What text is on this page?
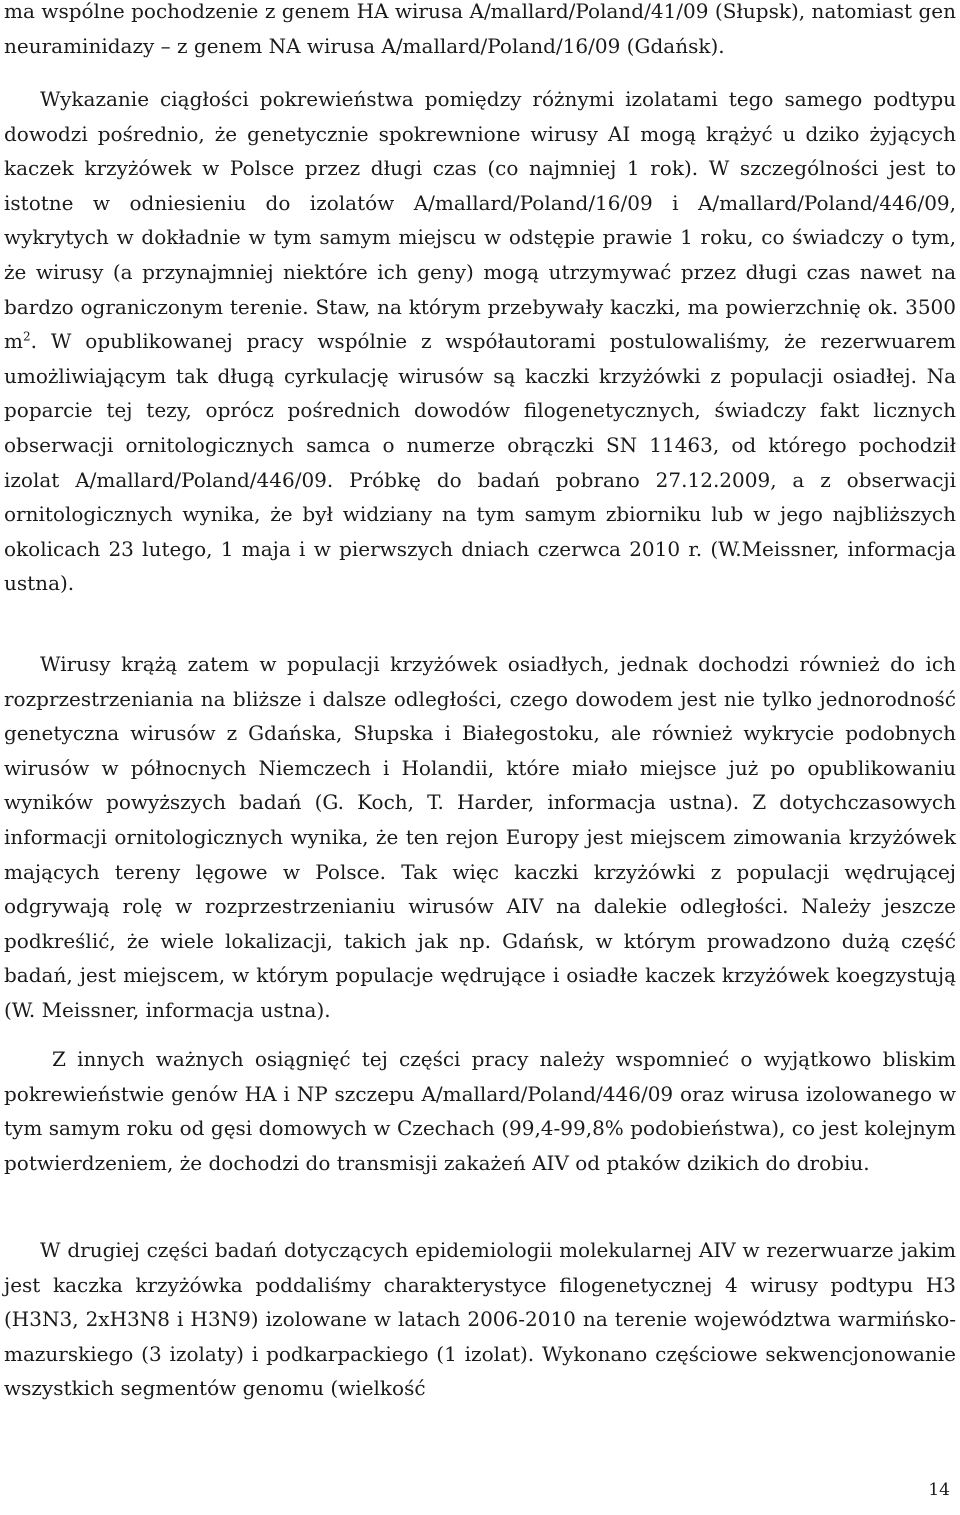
ma wspólne pochodzenie z genem HA wirusa A/mallard/Poland/41/09 (Słupsk), natomiast gen neuraminidazy – z genem NA wirusa A/mallard/Poland/16/09 (Gdańsk).

Wykazanie ciągłości pokrewieństwa pomiędzy różnymi izolatami tego samego podtypu dowodzi pośrednio, że genetycznie spokrewnione wirusy AI mogą krążyć u dziko żyjących kaczek krzyżówek w Polsce przez długi czas (co najmniej 1 rok). W szczególności jest to istotne w odniesieniu do izolatów A/mallard/Poland/16/09 i A/mallard/Poland/446/09, wykrytych w dokładnie w tym samym miejscu w odstępie prawie 1 roku, co świadczy o tym, że wirusy (a przynajmniej niektóre ich geny) mogą utrzymywać przez długi czas nawet na bardzo ograniczonym terenie. Staw, na którym przebywały kaczki, ma powierzchnię ok. 3500 $m^2$. W opublikowanej pracy wspólnie z współautorami postulowaliśmy, że rezerwuarem umożliwiającym tak długą cyrkulację wirusów są kaczki krzyżówki z populacji osiadłej. Na poparcie tej tezy, oprócz pośrednich dowodów filogenetycznych, świadczy fakt licznych obserwacji ornitologicznych samca o numerze obrączki SN 11463, od którego pochodził izolat A/mallard/Poland/446/09. Próbkę do badań pobrano 27.12.2009, a z obserwacji ornitologicznych wynika, że był widziany na tym samym zbiorniku lub w jego najbliższych okolicach 23 lutego, 1 maja i w pierwszych dniach czerwca 2010 r. (W.Meissner, informacja ustna).

Wirusy krążą zatem w populacji krzyżówek osiadłych, jednak dochodzi również do ich rozprzestrzeniania na bliższe i dalsze odległości, czego dowodem jest nie tylko jednorodność genetyczna wirusów z Gdańska, Słupska i Białegostoku, ale również wykrycie podobnych wirusów w północnych Niemczech i Holandii, które miało miejsce już po opublikowaniu wyników powyższych badań (G. Koch, T. Harder, informacja ustna). Z dotychczasowych informacji ornitologicznych wynika, że ten rejon Europy jest miejscem zimowania krzyżówek mających tereny lęgowe w Polsce. Tak więc kaczki krzyżówki z populacji wędrującej odgrywają rolę w rozprzestrzenianiu wirusów AIV na dalekie odległości. Należy jeszcze podkreślić, że wiele lokalizacji, takich jak np. Gdańsk, w którym prowadzono dużą część badań, jest miejscem, w którym populacje wędrujące i osiadłe kaczek krzyżówek koegzystują (W. Meissner, informacja ustna).

Z innych ważnych osiągnięć tej części pracy należy wspomnieć o wyjątkowo bliskim pokrewieństwie genów HA i NP szczepu A/mallard/Poland/446/09 oraz wirusa izolowanego w tym samym roku od gęsi domowych w Czechach (99,4-99,8% podobieństwa), co jest kolejnym potwierdzeniem, że dochodzi do transmisji zakażeń AIV od ptaków dzikich do drobiu.

W drugiej części badań dotyczących epidemiologii molekularnej AIV w rezerwuarze jakim jest kaczka krzyżówka poddaliśmy charakterystyce filogenetycznej 4 wirusy podtypu H3 (H3N3, 2xH3N8 i H3N9) izolowane w latach 2006-2010 na terenie województwa warmińsko-mazurskiego (3 izolaty) i podkarpackiego (1 izolat). Wykonano częściowe sekwencjonowanie wszystkich segmentów genomu (wielkość

14
